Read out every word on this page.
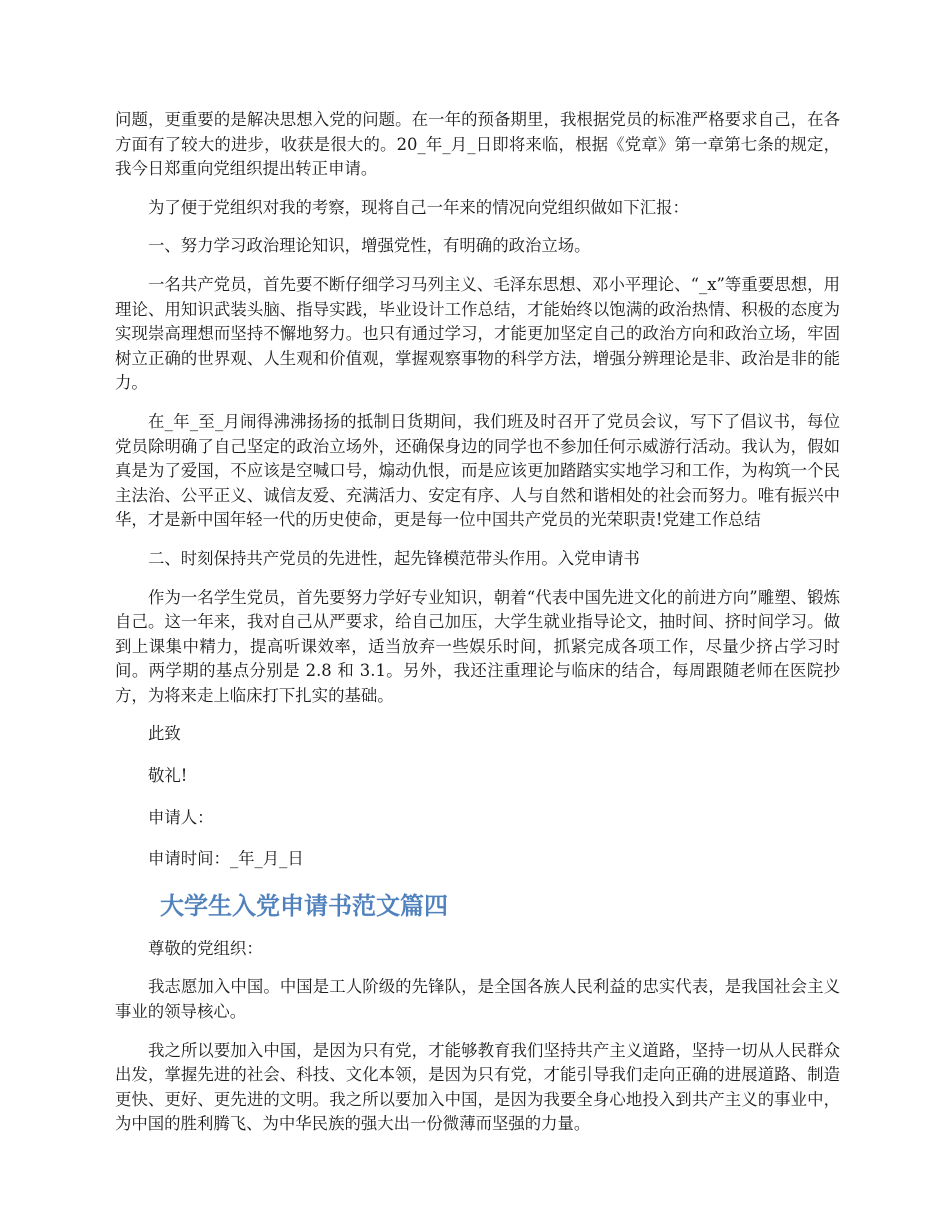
问题，更重要的是解决思想入党的问题。在一年的预备期里，我根据党员的标准严格要求自己，在各方面有了较大的进步，收获是很大的。20_年_月_日即将来临，根据《党章》第一章第七条的规定，我今日郑重向党组织提出转正申请。

为了便于党组织对我的考察，现将自己一年来的情况向党组织做如下汇报：

一、努力学习政治理论知识，增强党性，有明确的政治立场。

一名共产党员，首先要不断仔细学习马列主义、毛泽东思想、邓小平理论、“_x”等重要思想，用理论、用知识武装头脑、指导实践，毕业设计工作总结，才能始终以饱满的政治热情、积极的态度为实现崇高理想而坚持不懈地努力。也只有通过学习，才能更加坚定自己的政治方向和政治立场，牢固树立正确的世界观、人生观和价值观，掌握观察事物的科学方法，增强分辨理论是非、政治是非的能力。

在_年_至_月闹得沸沸扬扬的抵制日货期间，我们班及时召开了党员会议，写下了倡议书，每位党员除明确了自己坚定的政治立场外，还确保身边的同学也不参加任何示威游行活动。我认为，假如真是为了爱国，不应该是空喊口号，煽动仇恨，而是应该更加踏踏实实地学习和工作，为构筑一个民主法治、公平正义、诚信友爱、充满活力、安定有序、人与自然和谐相处的社会而努力。唯有振兴中华，才是新中国年轻一代的历史使命，更是每一位中国共产党员的光荣职责!党建工作总结

二、时刻保持共产党员的先进性，起先锋模范带头作用。入党申请书

作为一名学生党员，首先要努力学好专业知识，朝着“代表中国先进文化的前进方向”雕塑、锻炼自己。这一年来，我对自己从严要求，给自己加压，大学生就业指导论文，抽时间、挤时间学习。做到上课集中精力，提高听课效率，适当放弃一些娱乐时间，抓紧完成各项工作，尽量少挤占学习时间。两学期的基点分别是 2.8 和 3.1。另外，我还注重理论与临床的结合，每周跟随老师在医院抄方，为将来走上临床打下扎实的基础。

此致

敬礼!

申请人：

申请时间：_年_月_日

大学生入党申请书范文篇四

尊敬的党组织：

我志愿加入中国。中国是工人阶级的先锋队，是全国各族人民利益的忠实代表，是我国社会主义事业的领导核心。

我之所以要加入中国，是因为只有党，才能够教育我们坚持共产主义道路，坚持一切从人民群众出发，掌握先进的社会、科技、文化本领，是因为只有党，才能引导我们走向正确的进展道路、制造更快、更好、更先进的文明。我之所以要加入中国，是因为我要全身心地投入到共产主义的事业中，为中国的胜利腾飞、为中华民族的强大出一份微薄而坚强的力量。
